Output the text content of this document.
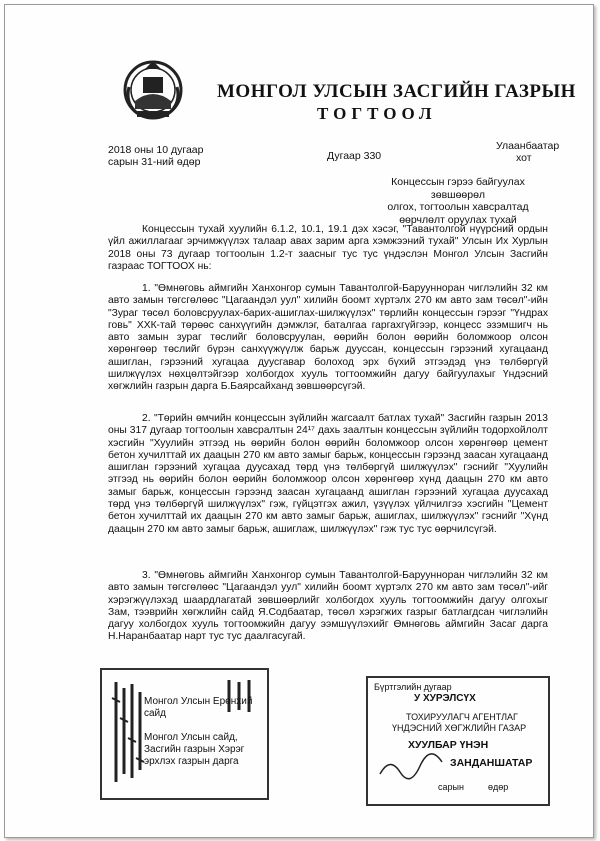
МОНГОЛ УЛСЫН ЗАСГИЙН ГАЗРЫН
ТОГТООЛ
2018 оны 10 дугаар
сарын 31-ний өдөр	Дугаар 330
Улаанбаатар
хот
Концессын гэрээ байгуулах зөвшөөрөл
олгох, тогтоолын хавсралтад
өөрчлөлт оруулах тухай

Концессын тухай хуулийн 6.1.2, 10.1, 19.1 дэх хэсэг, "Тавантолгой нүүрсний ордын үйл ажиллагааг эрчимжүүлэх талаар авах зарим арга хэмжээний тухай" Улсын Их Хурлын 2018 оны 73 дугаар тогтоолын 1.2-т заасныг тус тус үндэслэн Монгол Улсын Засгийн газраас ТОГТООХ нь:

1. "Өмнөговь аймгийн Ханхонгор сумын Тавантолгой-Баруунноран чиглэлийн 32 км авто замын төгсгөлөөс "Цагаандэл уул" хилийн боомт хүртэлх 270 км авто зам төсөл"-ийн "Зураг төсөл боловсруулах-барих-ашиглах-шилжүүлэх" төрлийн концессын гэрээг "Үндрах говь" ХХК-тай төрөөс санхүүгийн дэмжлэг, баталгаа гаргахгүйгээр, концесс эзэмшигч нь авто замын зураг төслийг боловсруулан, өөрийн болон өөрийн боломжоор олсон хөрөнгөөр төслийг бүрэн санхүүжүүлж барьж дууссан, концессын гэрээний хугацаанд ашиглан, гэрээний хугацаа дуусгавар болоход эрх бүхий этгээдэд үнэ төлбөргүй шилжүүлэх нөхцөлтэйгээр холбогдох хууль тогтоомжийн дагуу байгуулахыг Үндэсний хөгжлийн газрын дарга Б.Баярсайханд зөвшөөрсүгэй.

2. "Төрийн өмчийн концессын зүйлийн жагсаалт батлах тухай" Засгийн газрын 2013 оны 317 дугаар тогтоолын хавсралтын 24¹⁷ дахь заалтын концессын зүйлийн тодорхойлолт хэсгийн "Хуулийн этгээд нь өөрийн болон өөрийн боломжоор олсон хөрөнгөөр цемент бетон хучилттай их даацын 270 км авто замыг барьж, концессын гэрээнд заасан хугацаанд ашиглан гэрээний хугацаа дуусахад төрд үнэ төлбөргүй шилжүүлэх" гэснийг "Хуулийн этгээд нь өөрийн болон өөрийн боломжоор олсон хөрөнгөөр хүнд даацын 270 км авто замыг барьж, концессын гэрээнд заасан хугацаанд ашиглан гэрээний хугацаа дуусахад төрд үнэ төлбөргүй шилжүүлэх" гэж, гүйцэтгэх ажил, үзүүлэх үйлчилгээ хэсгийн "Цемент бетон хучилттай их даацын 270 км авто замыг барьж, ашиглах, шилжүүлэх" гэснийг "Хүнд даацын 270 км авто замыг барьж, ашиглаж, шилжүүлэх" гэж тус тус өөрчилсүгэй.

3. "Өмнөговь аймгийн Ханхонгор сумын Тавантолгой-Баруунноран чиглэлийн 32 км авто замын төгсгөлөөс "Цагаандэл уул" хилийн боомт хүртэлх 270 км авто зам төсөл"-ийг хэрэгжүүлэхэд шаардлагатай зөвшөөрлийг холбогдох хууль тогтоомжийн дагуу олгохыг Зам, тээврийн хөгжлийн сайд Я.Содбаатар, төсөл хэрэгжих газрыг батлагдсан чиглэлийн дагуу холбогдох хууль тогтоомжийн дагуу ээмшүүлэхийг Өмнөговь аймгийн Засаг дарга Н.Наранбаатар нарт тус тус даалгасугай.

Монгол Улсын Ерөнхий сайд
Монгол Улсын сайд,
Засгийн газрын Хэрэг
эрхлэх газрын дарга
Бүртгэлийн дугаар
У ХУРЭЛСҮХ
ТОХИРУУЛАГЧ АГЕНТЛАГ
ҮНДЭСНИЙ ХӨГЖЛИЙН ГАЗАР
ХУУЛБАР ҮНЭН
ЗАНДАНШАТАР
сарын	өдөр
